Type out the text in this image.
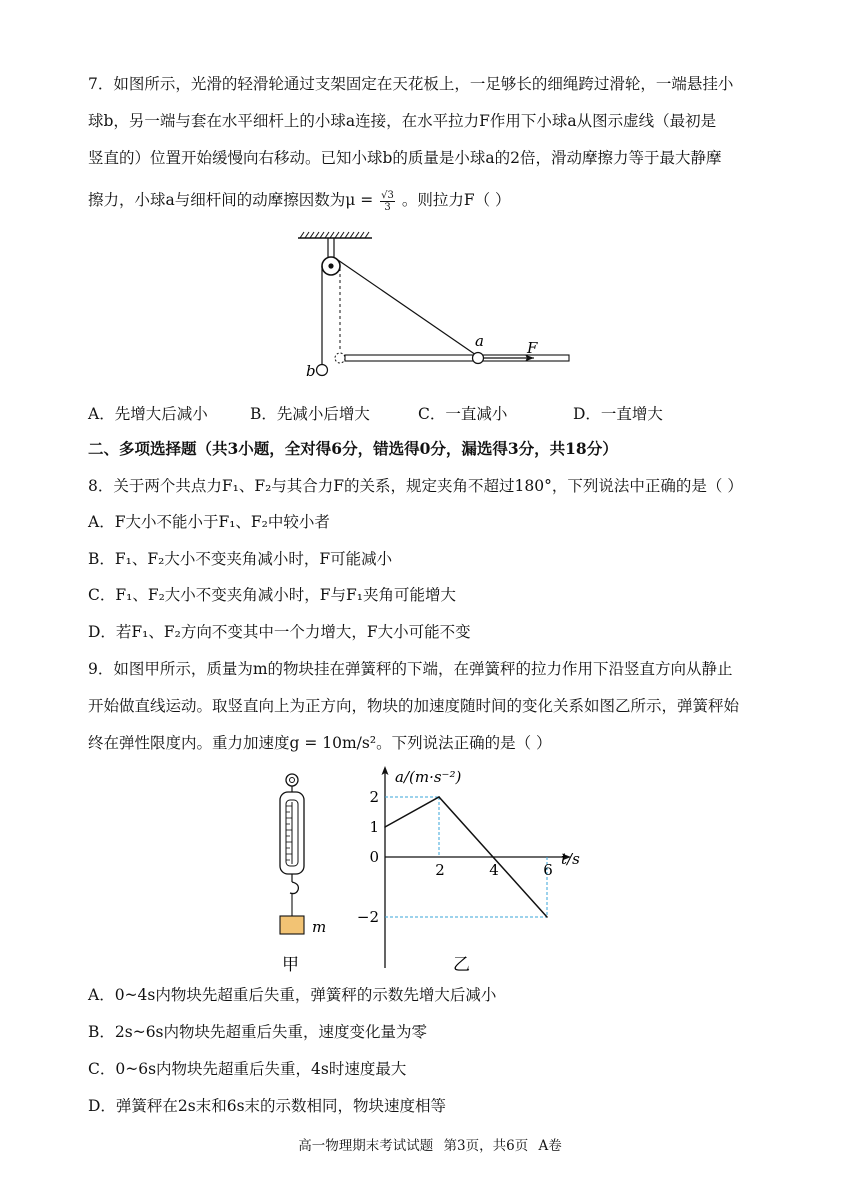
7．如图所示，光滑的轻滑轮通过支架固定在天花板上，一足够长的细绳跨过滑轮，一端悬挂小
球b，另一端与套在水平细杆上的小球a连接，在水平拉力F作用下小球a从图示虚线（最初是
竖直的）位置开始缓慢向右移动。已知小球b的质量是小球a的2倍，滑动摩擦力等于最大静摩
擦力，小球a与细杆间的动摩擦因数为$\mu = \frac{√3}{3}$ 。则拉力F（ ）
a	F
b
A．先增大后减小	B．先减小后增大	C．一直减小	D．一直增大
二、多项选择题（共3小题，全对得6分，错选得0分，漏选得3分，共18分）
8．关于两个共点力F₁、F₂与其合力F的关系，规定夹角不超过180°，下列说法中正确的是（ ）
A．F大小不能小于F₁、F₂中较小者
B．F₁、F₂大小不变夹角减小时，F可能减小
C．F₁、F₂大小不变夹角减小时，F与F₁夹角可能增大
D．若F₁、F₂方向不变其中一个力增大，F大小可能不变
9．如图甲所示，质量为m的物块挂在弹簧秤的下端，在弹簧秤的拉力作用下沿竖直方向从静止
开始做直线运动。取竖直向上为正方向，物块的加速度随时间的变化关系如图乙所示，弹簧秤始
终在弹性限度内。重力加速度g = 10m/s²。下列说法正确的是（ ）
m
甲
a/(m·s⁻²)
t/s
乙
2
1
0
−2
2	4	6
A．0~4s内物块先超重后失重，弹簧秤的示数先增大后减小
B．2s~6s内物块先超重后失重，速度变化量为零
C．0~6s内物块先超重后失重，4s时速度最大
D．弹簧秤在2s末和6s末的示数相同，物块速度相等
高一物理期末考试试题 第3页，共6页 A卷
